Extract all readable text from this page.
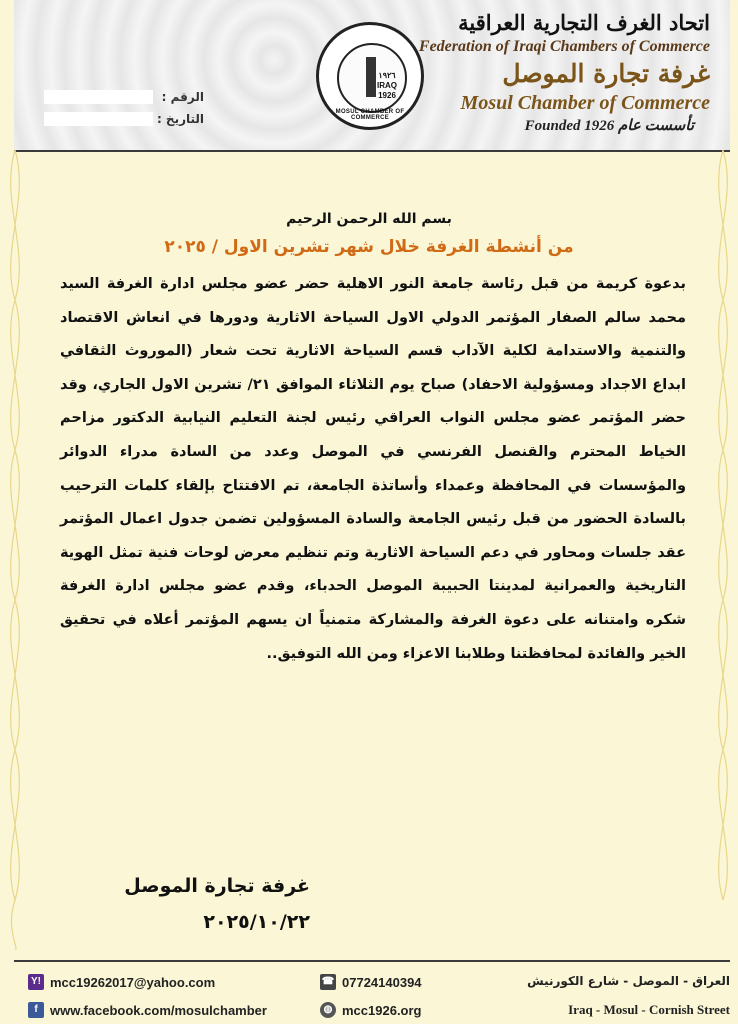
اتحاد الغرف التجارية العراقية
Federation of Iraqi Chambers of Commerce
غرفة تجارة الموصل
Mosul Chamber of Commerce
Founded 1926 تأسست عام
١٩٢٦
IRAQ
1926
MOSUL CHAMBER OF COMMERCE
الرقم :
التاريخ :
بسم الله الرحمن الرحيم
من أنشطة الغرفة خلال شهر تشرين الاول / ٢٠٢٥
بدعوة كريمة من قبل رئاسة جامعة النور الاهلية حضر عضو مجلس ادارة الغرفة السيد محمد سالم الصفار المؤتمر الدولي الاول السياحة الاثارية ودورها في انعاش الاقتصاد والتنمية والاستدامة لكلية الآداب قسم السياحة الاثارية تحت شعار (الموروث الثقافي ابداع الاجداد ومسؤولية الاحفاد) صباح يوم الثلاثاء الموافق ٢١/ تشرين الاول الجاري، وقد حضر المؤتمر عضو مجلس النواب العراقي رئيس لجنة التعليم النيابية الدكتور مزاحم الخياط المحترم والقنصل الفرنسي في الموصل وعدد من السادة مدراء الدوائر والمؤسسات في المحافظة وعمداء وأساتذة الجامعة، تم الافتتاح بإلقاء كلمات الترحيب بالسادة الحضور من قبل رئيس الجامعة والسادة المسؤولين تضمن جدول اعمال المؤتمر عقد جلسات ومحاور في دعم السياحة الاثارية وتم تنظيم معرض لوحات فنية تمثل الهوية التاريخية والعمرانية لمدينتا الحبيبة الموصل الحدباء، وقدم عضو مجلس ادارة الغرفة شكره وامتنانه على دعوة الغرفة والمشاركة متمنياً ان يسهم المؤتمر أعلاه في تحقيق الخير والفائدة لمحافظتنا وطلابنا الاعزاء ومن الله التوفيق..
غرفة تجارة الموصل
٢٠٢٥/١٠/٢٢
Y! mcc19262017@yahoo.com
f www.facebook.com/mosulchamber
☎ 07724140394
◍ mcc1926.org
العراق - الموصل - شارع الكورنيش
Iraq - Mosul - Cornish Street
